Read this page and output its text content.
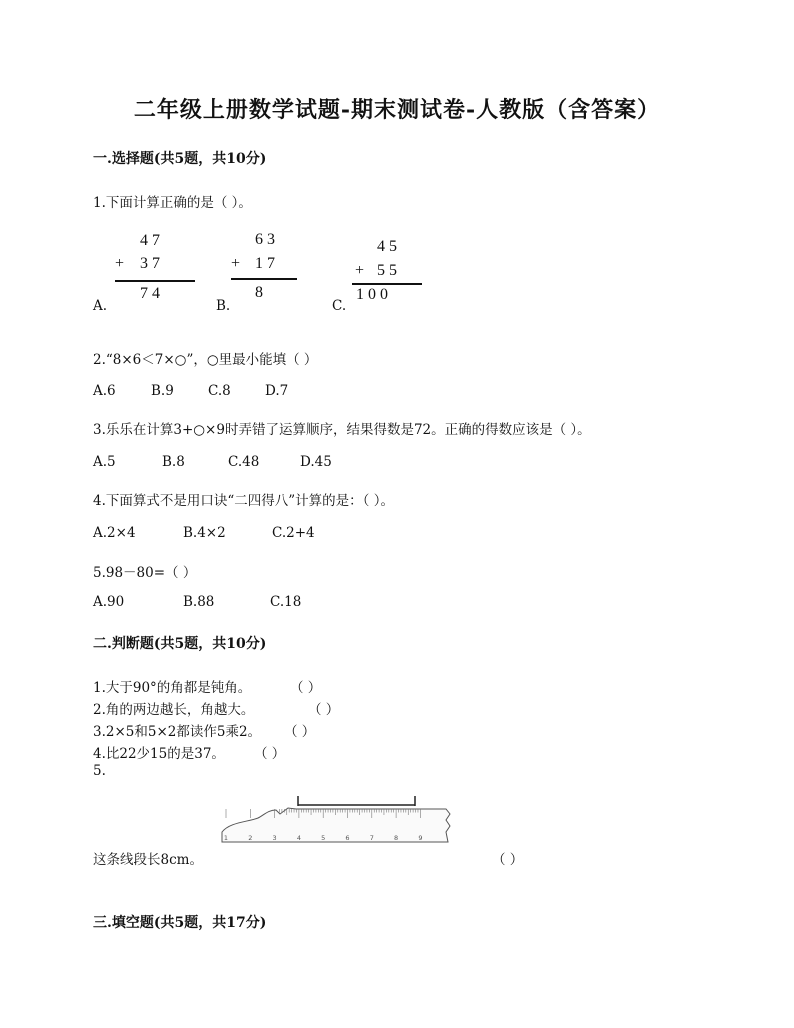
二年级上册数学试题-期末测试卷-人教版（含答案）
一.选择题(共5题，共10分)
1.下面计算正确的是（ ）。
4 7
+ 3 7
7 4
A.
6 3
+ 1 7
8
B.
4 5
+ 5 5
1 0 0
C.
2.“8×6＜7×○”，○里最小能填（ ）
A.6	B.9	C.8	D.7
3.乐乐在计算3+○×9时弄错了运算顺序，结果得数是72。正确的得数应该是（ ）。
A.5	B.8	C.48	D.45
4.下面算式不是用口诀“二四得八”计算的是：（ ）。
A.2×4	B.4×2	C.2+4
5.98－80=（ ）
A.90	B.88	C.18
二.判断题(共5题，共10分)
1.大于90°的角都是钝角。	（ ）
2.角的两边越长，角越大。	（ ）
3.2×5和5×2都读作5乘2。 （ ）
4.比22少15的是37。 （ ）
5.
1	2	3	4	5	6	7	8	9
这条线段长8cm。	（ ）
三.填空题(共5题，共17分)
